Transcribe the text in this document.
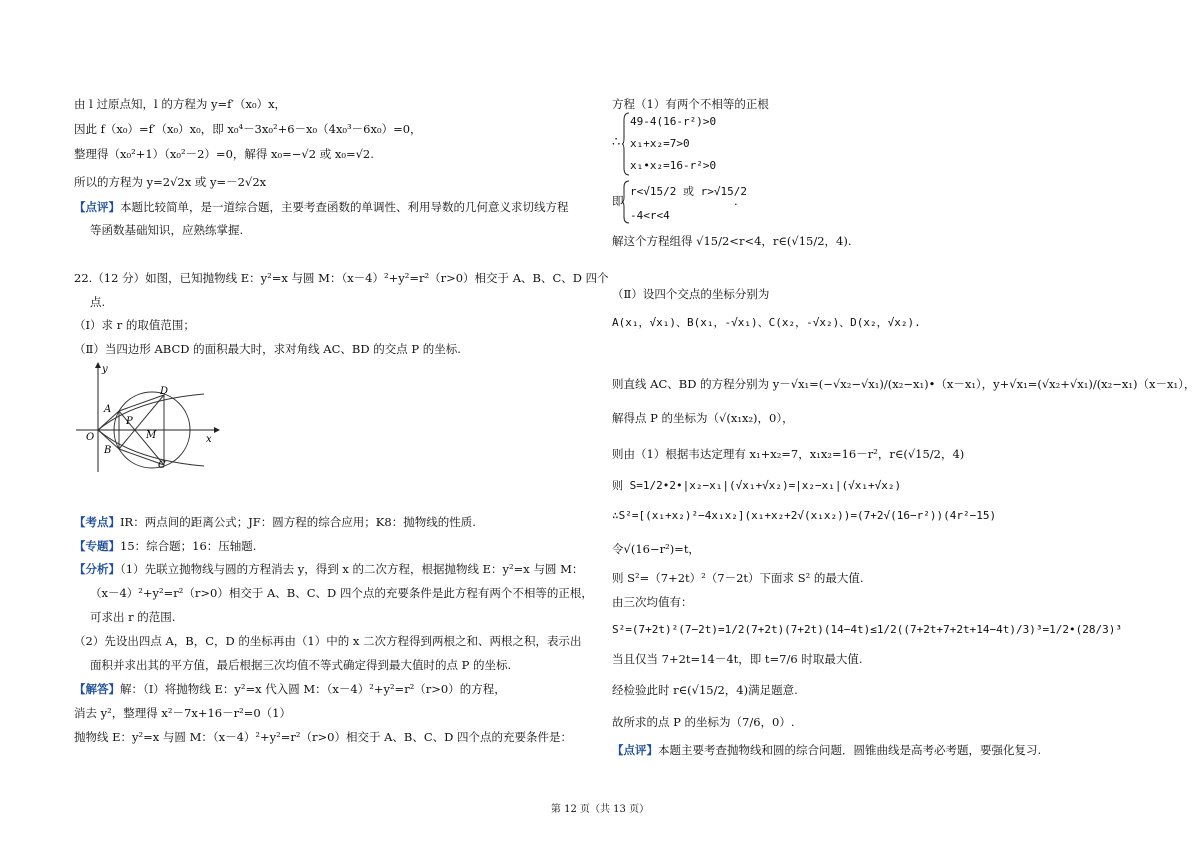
由 l 过原点知，l 的方程为 y=f′（x₀）x，
因此 f（x₀）=f′（x₀）x₀，即 x₀⁴－3x₀²+6－x₀（4x₀³－6x₀）=0，
整理得（x₀²+1）（x₀²－2）=0，解得 x₀=−√2 或 x₀=√2.
所以的方程为 y=2√2x 或 y=－2√2x
【点评】本题比较简单，是一道综合题，主要考查函数的单调性、利用导数的几何意义求切线方程
等函数基础知识，应熟练掌握.
22.（12 分）如图，已知抛物线 E：y²=x 与圆 M：（x－4）²+y²=r²（r>0）相交于 A、B、C、D 四个
点.
（Ⅰ）求 r 的取值范围；
（Ⅱ）当四边形 ABCD 的面积最大时，求对角线 AC、BD 的交点 P 的坐标.
y
x
O
A
B
C
D
P
M
【考点】IR：两点间的距离公式；JF：圆方程的综合应用；K8：抛物线的性质.
【专题】15：综合题；16：压轴题.
【分析】（1）先联立抛物线与圆的方程消去 y，得到 x 的二次方程，根据抛物线 E：y²=x 与圆 M：
（x－4）²+y²=r²（r>0）相交于 A、B、C、D 四个点的充要条件是此方程有两个不相等的正根，
可求出 r 的范围.
（2）先设出四点 A，B，C，D 的坐标再由（1）中的 x 二次方程得到两根之和、两根之积，表示出
面积并求出其的平方值，最后根据三次均值不等式确定得到最大值时的点 P 的坐标.
【解答】解：（Ⅰ）将抛物线 E：y²=x 代入圆 M：（x－4）²+y²=r²（r>0）的方程，
消去 y²，整理得 x²－7x+16－r²=0（1）
抛物线 E：y²=x 与圆 M：（x－4）²+y²=r²（r>0）相交于 A、B、C、D 四个点的充要条件是：
方程（1）有两个不相等的正根
∴
49-4(16-r²)>0
x₁+x₂=7>0
x₁•x₂=16-r²>0
即
r<√15/2 或 r>√15/2
-4<r<4
.
解这个方程组得 √15/2<r<4，r∈(√15/2，4).
（Ⅱ）设四个交点的坐标分别为
A(x₁，√x₁)、B(x₁，-√x₁)、C(x₂，-√x₂)、D(x₂，√x₂).
则直线 AC、BD 的方程分别为 y－√x₁=(−√x₂−√x₁)/(x₂−x₁)•（x－x₁），y+√x₁=(√x₂+√x₁)/(x₂−x₁)（x－x₁），
解得点 P 的坐标为（√(x₁x₂)，0），
则由（1）根据韦达定理有 x₁+x₂=7，x₁x₂=16－r²，r∈(√15/2，4)
则 S=1/2•2•|x₂−x₁|(√x₁+√x₂)=|x₂−x₁|(√x₁+√x₂)
∴S²=[(x₁+x₂)²−4x₁x₂](x₁+x₂+2√(x₁x₂))=(7+2√(16−r²))(4r²−15)
令√(16−r²)=t，
则 S²=（7+2t）²（7－2t）下面求 S² 的最大值.
由三次均值有：
S²=(7+2t)²(7−2t)=1/2(7+2t)(7+2t)(14−4t)≤1/2((7+2t+7+2t+14−4t)/3)³=1/2•(28/3)³
当且仅当 7+2t=14－4t，即 t=7/6 时取最大值.
经检验此时 r∈(√15/2，4)满足题意.
故所求的点 P 的坐标为（7/6，0）.
【点评】本题主要考查抛物线和圆的综合问题．圆锥曲线是高考必考题，要强化复习.
第 12 页（共 13 页）
